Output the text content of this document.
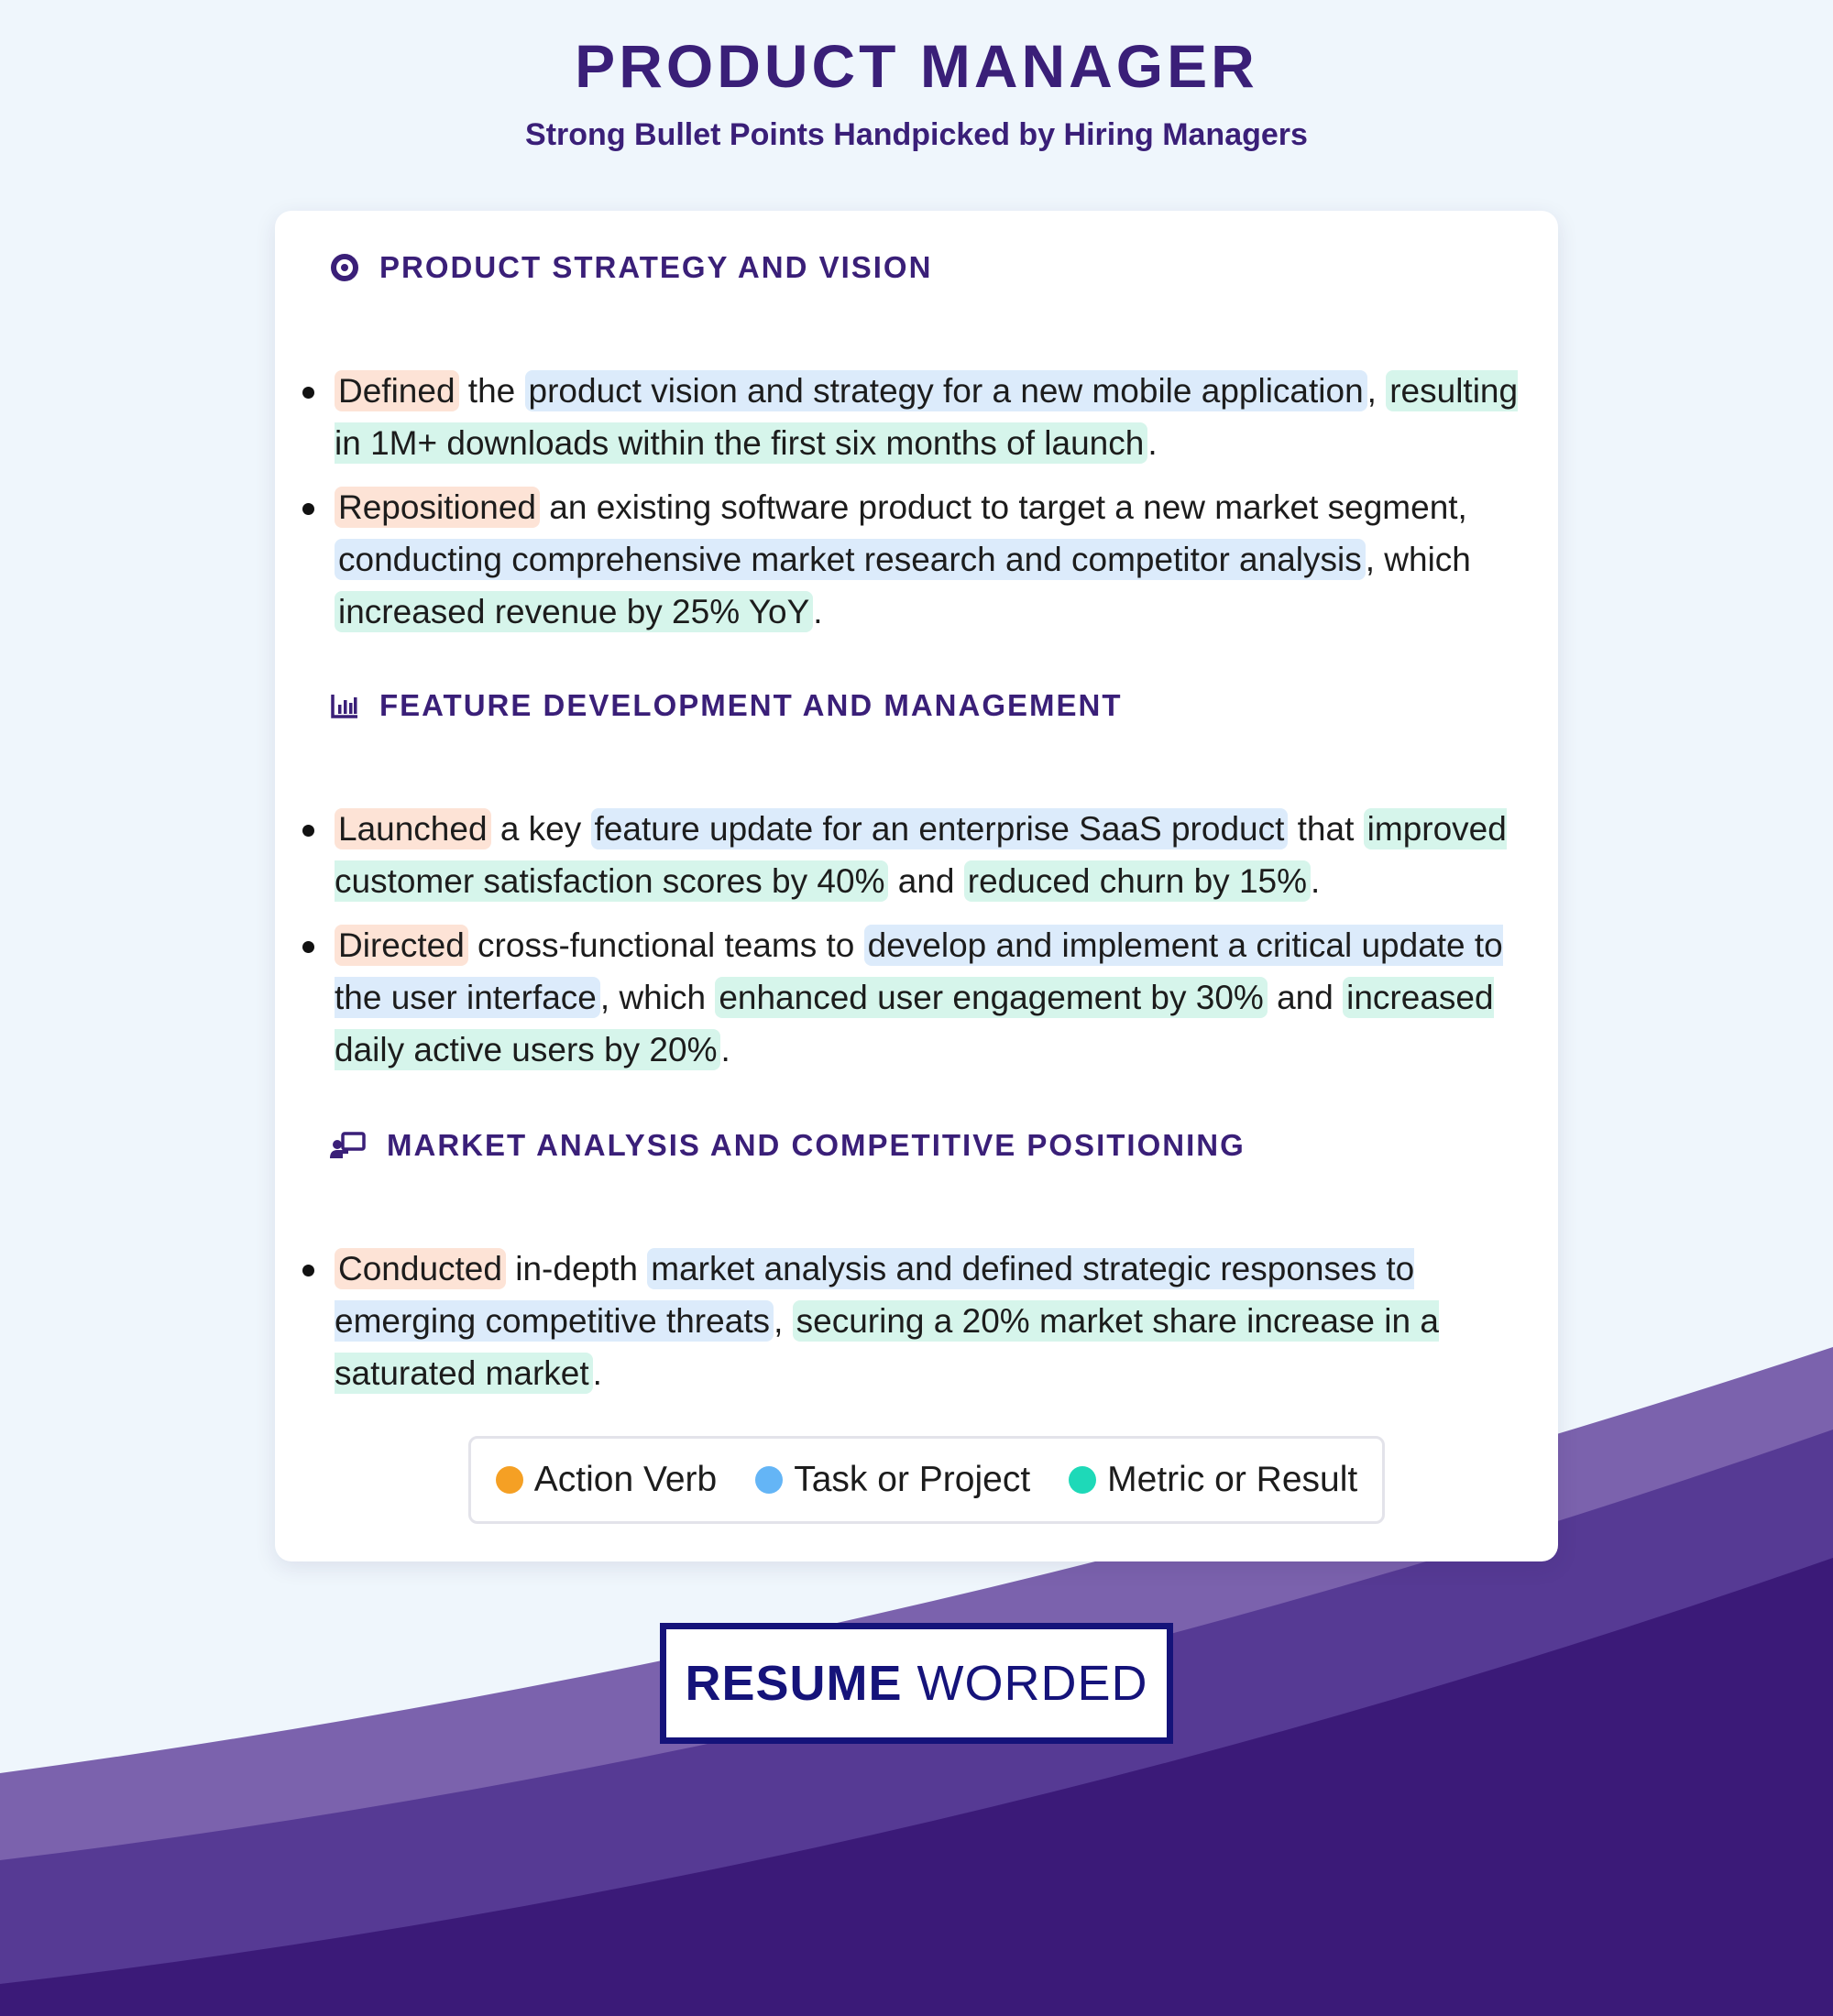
PRODUCT MANAGER
Strong Bullet Points Handpicked by Hiring Managers
PRODUCT STRATEGY AND VISION
Defined the product vision and strategy for a new mobile application , resulting in 1M+ downloads within the first six months of launch .
Repositioned an existing software product to target a new market segment, conducting comprehensive market research and competitor analysis , which increased revenue by 25% YoY .
FEATURE DEVELOPMENT AND MANAGEMENT
Launched a key feature update for an enterprise SaaS product that improved customer satisfaction scores by 40% and reduced churn by 15% .
Directed cross-functional teams to develop and implement a critical update to the user interface , which enhanced user engagement by 30% and increased daily active users by 20% .
MARKET ANALYSIS AND COMPETITIVE POSITIONING
Conducted in-depth market analysis and defined strategic responses to emerging competitive threats , securing a 20% market share increase in a saturated market .
Action Verb Task or Project Metric or Result
RESUME WORDED
